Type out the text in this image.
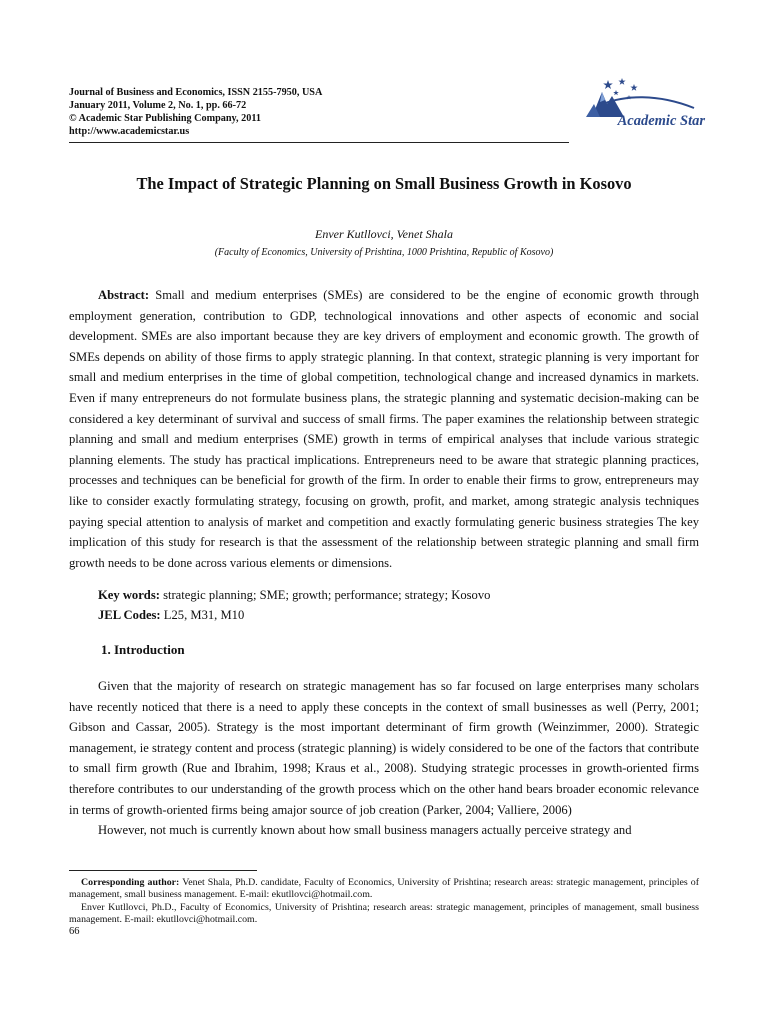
Journal of Business and Economics, ISSN 2155-7950, USA
January 2011, Volume 2, No. 1, pp. 66-72
© Academic Star Publishing Company, 2011
http://www.academicstar.us
Academic Star
The Impact of Strategic Planning on Small Business Growth in Kosovo
Enver Kutllovci, Venet Shala
(Faculty of Economics, University of Prishtina, 1000 Prishtina, Republic of Kosovo)

Abstract: Small and medium enterprises (SMEs) are considered to be the engine of economic growth through employment generation, contribution to GDP, technological innovations and other aspects of economic and social development. SMEs are also important because they are key drivers of employment and economic growth. The growth of SMEs depends on ability of those firms to apply strategic planning. In that context, strategic planning is very important for small and medium enterprises in the time of global competition, technological change and increased dynamics in markets. Even if many entrepreneurs do not formulate business plans, the strategic planning and systematic decision-making can be considered a key determinant of survival and success of small firms. The paper examines the relationship between strategic planning and small and medium enterprises (SME) growth in terms of empirical analyses that include various strategic planning elements. The study has practical implications. Entrepreneurs need to be aware that strategic planning practices, processes and techniques can be beneficial for growth of the firm. In order to enable their firms to grow, entrepreneurs may like to consider exactly formulating strategy, focusing on growth, profit, and market, among strategic analysis techniques paying special attention to analysis of market and competition and exactly formulating generic business strategies The key implication of this study for research is that the assessment of the relationship between strategic planning and small firm growth needs to be done across various elements or dimensions.

Key words: strategic planning; SME; growth; performance; strategy; Kosovo
JEL Codes: L25, M31, M10
1. Introduction

Given that the majority of research on strategic management has so far focused on large enterprises many scholars have recently noticed that there is a need to apply these concepts in the context of small businesses as well (Perry, 2001; Gibson and Cassar, 2005). Strategy is the most important determinant of firm growth (Weinzimmer, 2000). Strategic management, ie strategy content and process (strategic planning) is widely considered to be one of the factors that contribute to small firm growth (Rue and Ibrahim, 1998; Kraus et al., 2008). Studying strategic processes in growth-oriented firms therefore contributes to our understanding of the growth process which on the other hand bears broader economic relevance in terms of growth-oriented firms being amajor source of job creation (Parker, 2004; Valliere, 2006)

However, not much is currently known about how small business managers actually perceive strategy and

Corresponding author: Venet Shala, Ph.D. candidate, Faculty of Economics, University of Prishtina; research areas: strategic management, principles of management, small business management. E-mail: ekutllovci@hotmail.com.

Enver Kutllovci, Ph.D., Faculty of Economics, University of Prishtina; research areas: strategic management, principles of management, small business management. E-mail: ekutllovci@hotmail.com.

66
